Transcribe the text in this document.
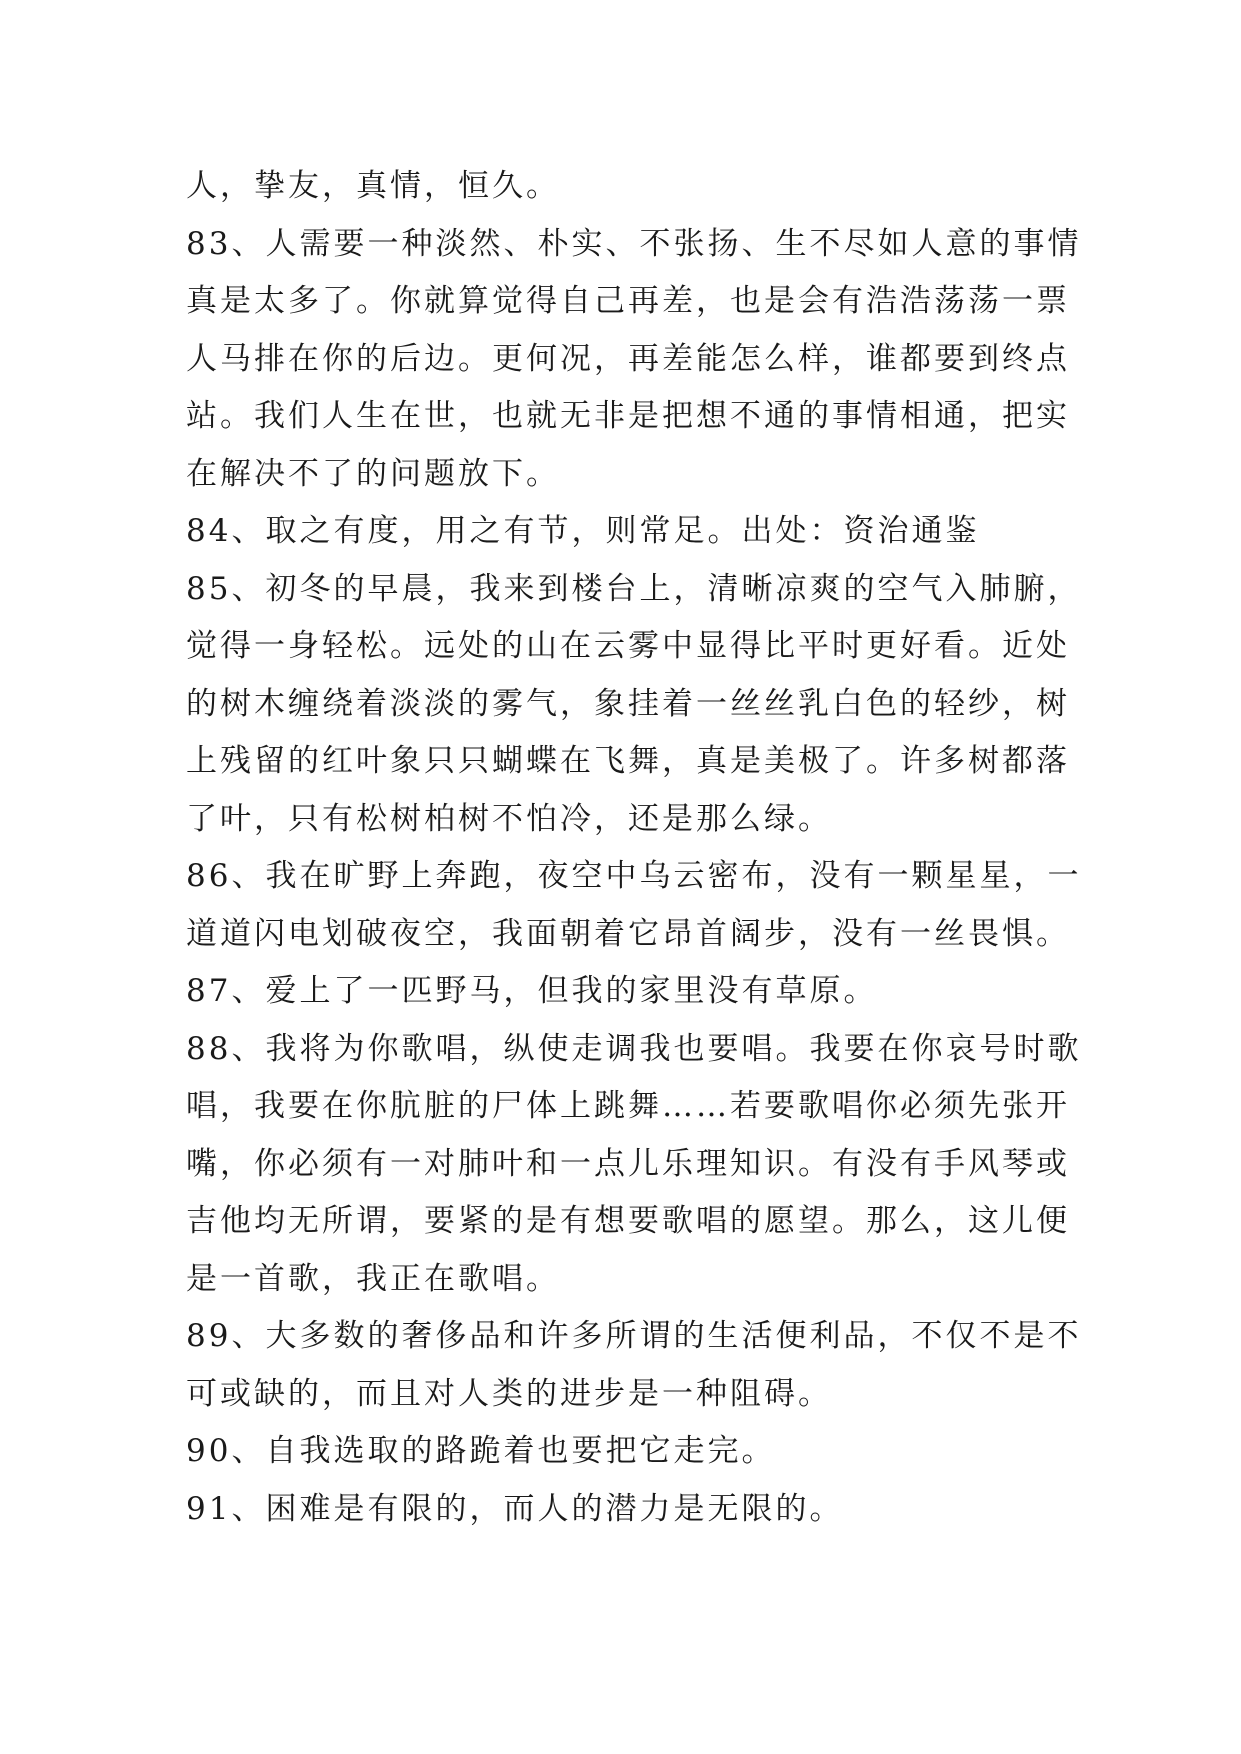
人，挚友，真情，恒久。
83、人需要一种淡然、朴实、不张扬、生不尽如人意的事情
真是太多了。你就算觉得自己再差，也是会有浩浩荡荡一票
人马排在你的后边。更何况，再差能怎么样，谁都要到终点
站。我们人生在世，也就无非是把想不通的事情相通，把实
在解决不了的问题放下。
84、取之有度，用之有节，则常足。出处：资治通鉴
85、初冬的早晨，我来到楼台上，清晰凉爽的空气入肺腑，
觉得一身轻松。远处的山在云雾中显得比平时更好看。近处
的树木缠绕着淡淡的雾气，象挂着一丝丝乳白色的轻纱，树
上残留的红叶象只只蝴蝶在飞舞，真是美极了。许多树都落
了叶，只有松树柏树不怕冷，还是那么绿。
86、我在旷野上奔跑，夜空中乌云密布，没有一颗星星，一
道道闪电划破夜空，我面朝着它昂首阔步，没有一丝畏惧。
87、爱上了一匹野马，但我的家里没有草原。
88、我将为你歌唱，纵使走调我也要唱。我要在你哀号时歌
唱，我要在你肮脏的尸体上跳舞……若要歌唱你必须先张开
嘴，你必须有一对肺叶和一点儿乐理知识。有没有手风琴或
吉他均无所谓，要紧的是有想要歌唱的愿望。那么，这儿便
是一首歌，我正在歌唱。
89、大多数的奢侈品和许多所谓的生活便利品，不仅不是不
可或缺的，而且对人类的进步是一种阻碍。
90、自我选取的路跪着也要把它走完。
91、困难是有限的，而人的潜力是无限的。
